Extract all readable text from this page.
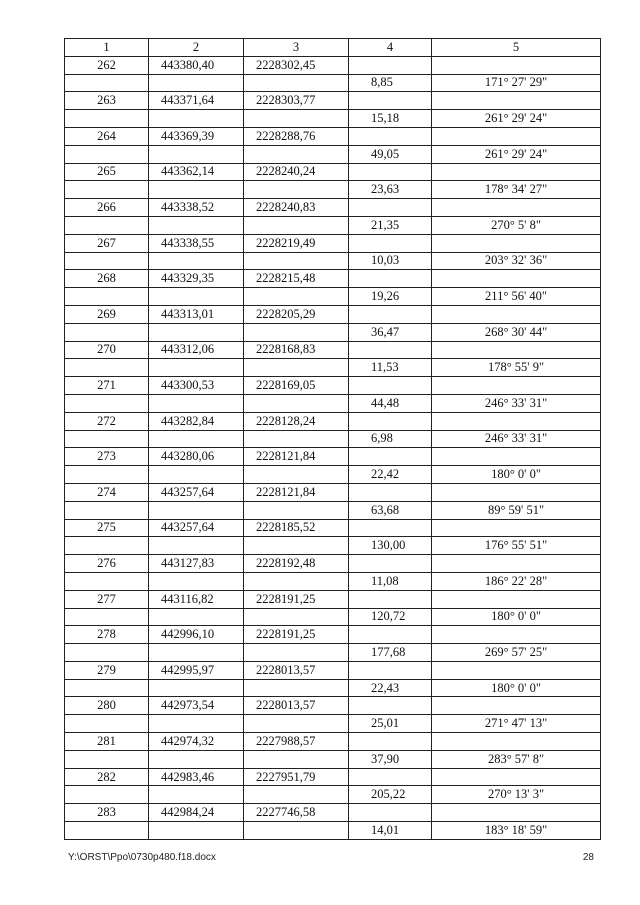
1	2	3	4	5
262	443380,40	2228302,45		
			8,85	171° 27' 29"
263	443371,64	2228303,77		
			15,18	261° 29' 24"
264	443369,39	2228288,76		
			49,05	261° 29' 24"
265	443362,14	2228240,24		
			23,63	178° 34' 27"
266	443338,52	2228240,83		
			21,35	270° 5' 8"
267	443338,55	2228219,49		
			10,03	203° 32' 36"
268	443329,35	2228215,48		
			19,26	211° 56' 40"
269	443313,01	2228205,29		
			36,47	268° 30' 44"
270	443312,06	2228168,83		
			11,53	178° 55' 9"
271	443300,53	2228169,05		
			44,48	246° 33' 31"
272	443282,84	2228128,24		
			6,98	246° 33' 31"
273	443280,06	2228121,84		
			22,42	180° 0' 0"
274	443257,64	2228121,84		
			63,68	89° 59' 51"
275	443257,64	2228185,52		
			130,00	176° 55' 51"
276	443127,83	2228192,48		
			11,08	186° 22' 28"
277	443116,82	2228191,25		
			120,72	180° 0' 0"
278	442996,10	2228191,25		
			177,68	269° 57' 25"
279	442995,97	2228013,57		
			22,43	180° 0' 0"
280	442973,54	2228013,57		
			25,01	271° 47' 13"
281	442974,32	2227988,57		
			37,90	283° 57' 8"
282	442983,46	2227951,79		
			205,22	270° 13' 3"
283	442984,24	2227746,58		
			14,01	183° 18' 59"
Y:\ORST\Ppo\0730p480.f18.docx	28
